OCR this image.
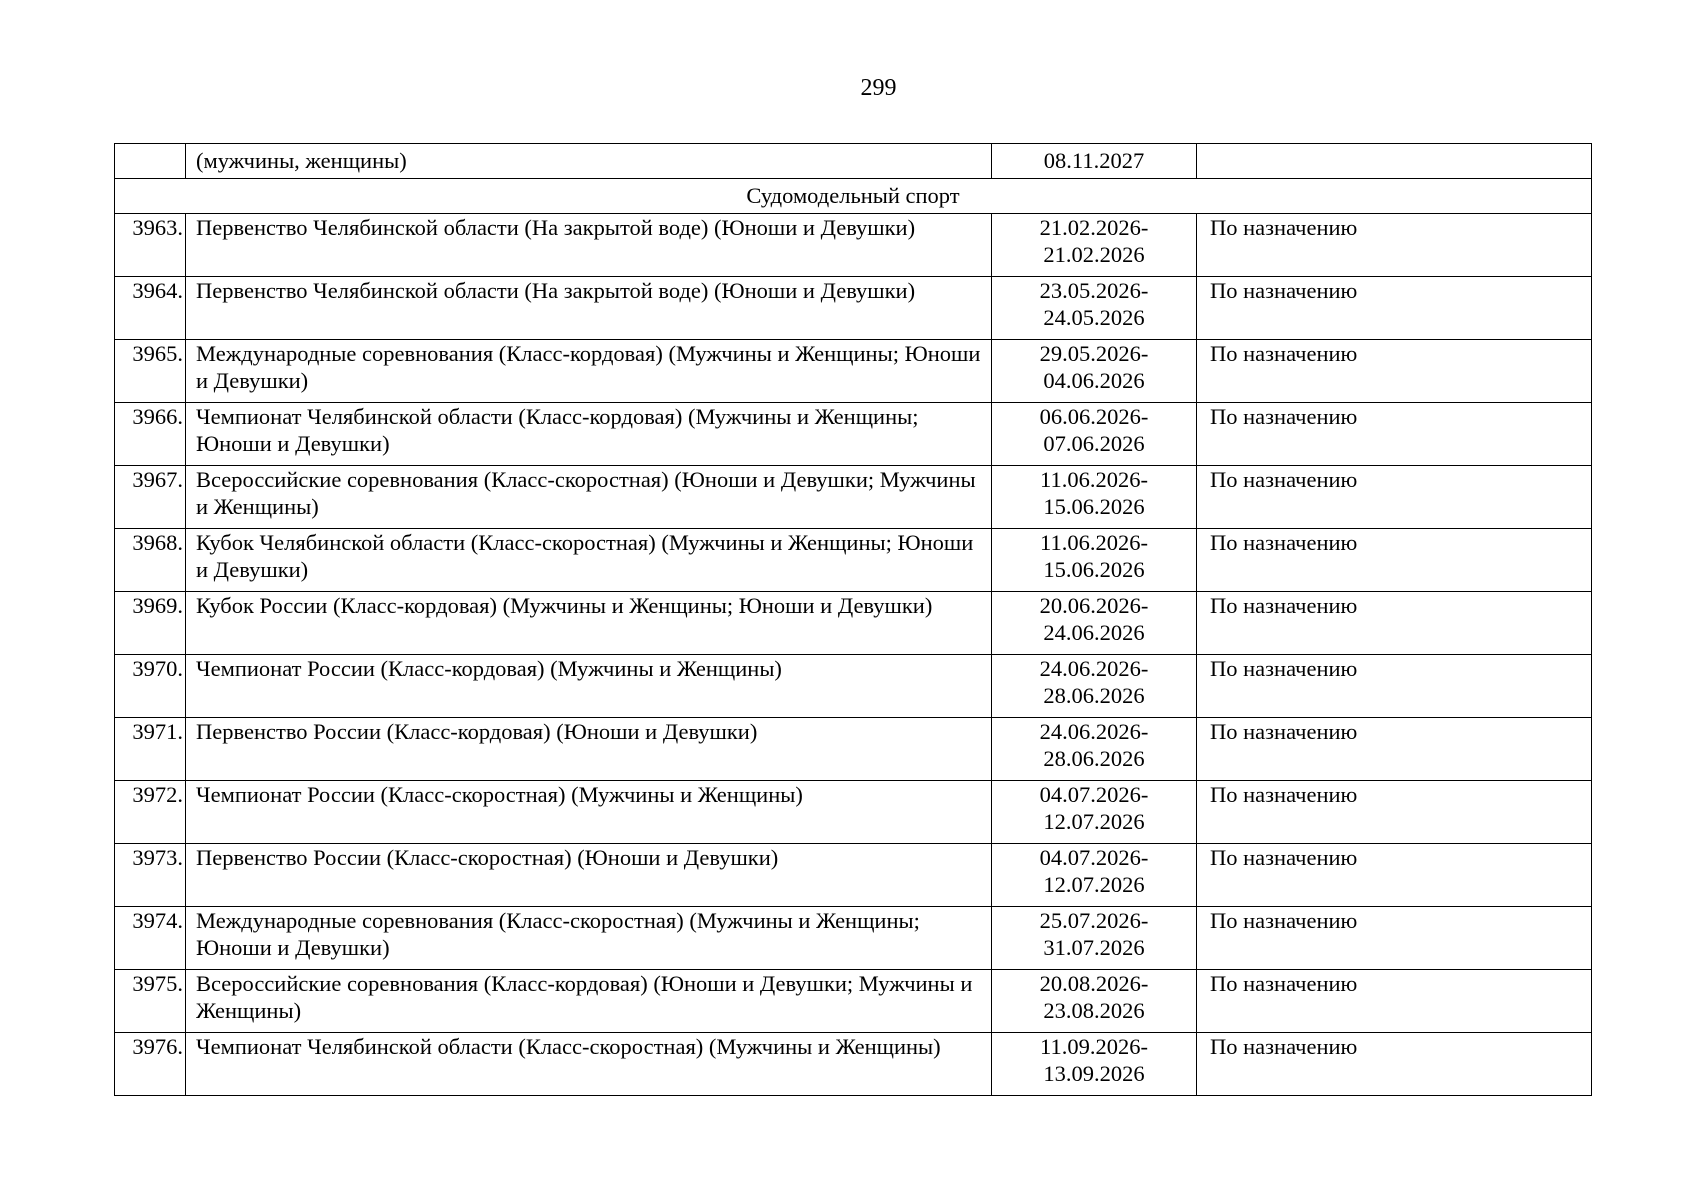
299
	(мужчины, женщины)	08.11.2027	
Судомодельный спорт			
3963.	Первенство Челябинской области (На закрытой воде) (Юноши и Девушки)	21.02.2026-
21.02.2026	По назначению
3964.	Первенство Челябинской области (На закрытой воде) (Юноши и Девушки)	23.05.2026-
24.05.2026	По назначению
3965.	Международные соревнования (Класс-кордовая) (Мужчины и Женщины; Юноши и Девушки)	29.05.2026-
04.06.2026	По назначению
3966.	Чемпионат Челябинской области (Класс-кордовая) (Мужчины и Женщины; Юноши и Девушки)	06.06.2026-
07.06.2026	По назначению
3967.	Всероссийские соревнования (Класс-скоростная) (Юноши и Девушки; Мужчины и Женщины)	11.06.2026-
15.06.2026	По назначению
3968.	Кубок Челябинской области (Класс-скоростная) (Мужчины и Женщины; Юноши и Девушки)	11.06.2026-
15.06.2026	По назначению
3969.	Кубок России (Класс-кордовая) (Мужчины и Женщины; Юноши и Девушки)	20.06.2026-
24.06.2026	По назначению
3970.	Чемпионат России (Класс-кордовая) (Мужчины и Женщины)	24.06.2026-
28.06.2026	По назначению
3971.	Первенство России (Класс-кордовая) (Юноши и Девушки)	24.06.2026-
28.06.2026	По назначению
3972.	Чемпионат России (Класс-скоростная) (Мужчины и Женщины)	04.07.2026-
12.07.2026	По назначению
3973.	Первенство России (Класс-скоростная) (Юноши и Девушки)	04.07.2026-
12.07.2026	По назначению
3974.	Международные соревнования (Класс-скоростная) (Мужчины и Женщины; Юноши и Девушки)	25.07.2026-
31.07.2026	По назначению
3975.	Всероссийские соревнования (Класс-кордовая) (Юноши и Девушки; Мужчины и Женщины)	20.08.2026-
23.08.2026	По назначению
3976.	Чемпионат Челябинской области (Класс-скоростная) (Мужчины и Женщины)	11.09.2026-
13.09.2026	По назначению
